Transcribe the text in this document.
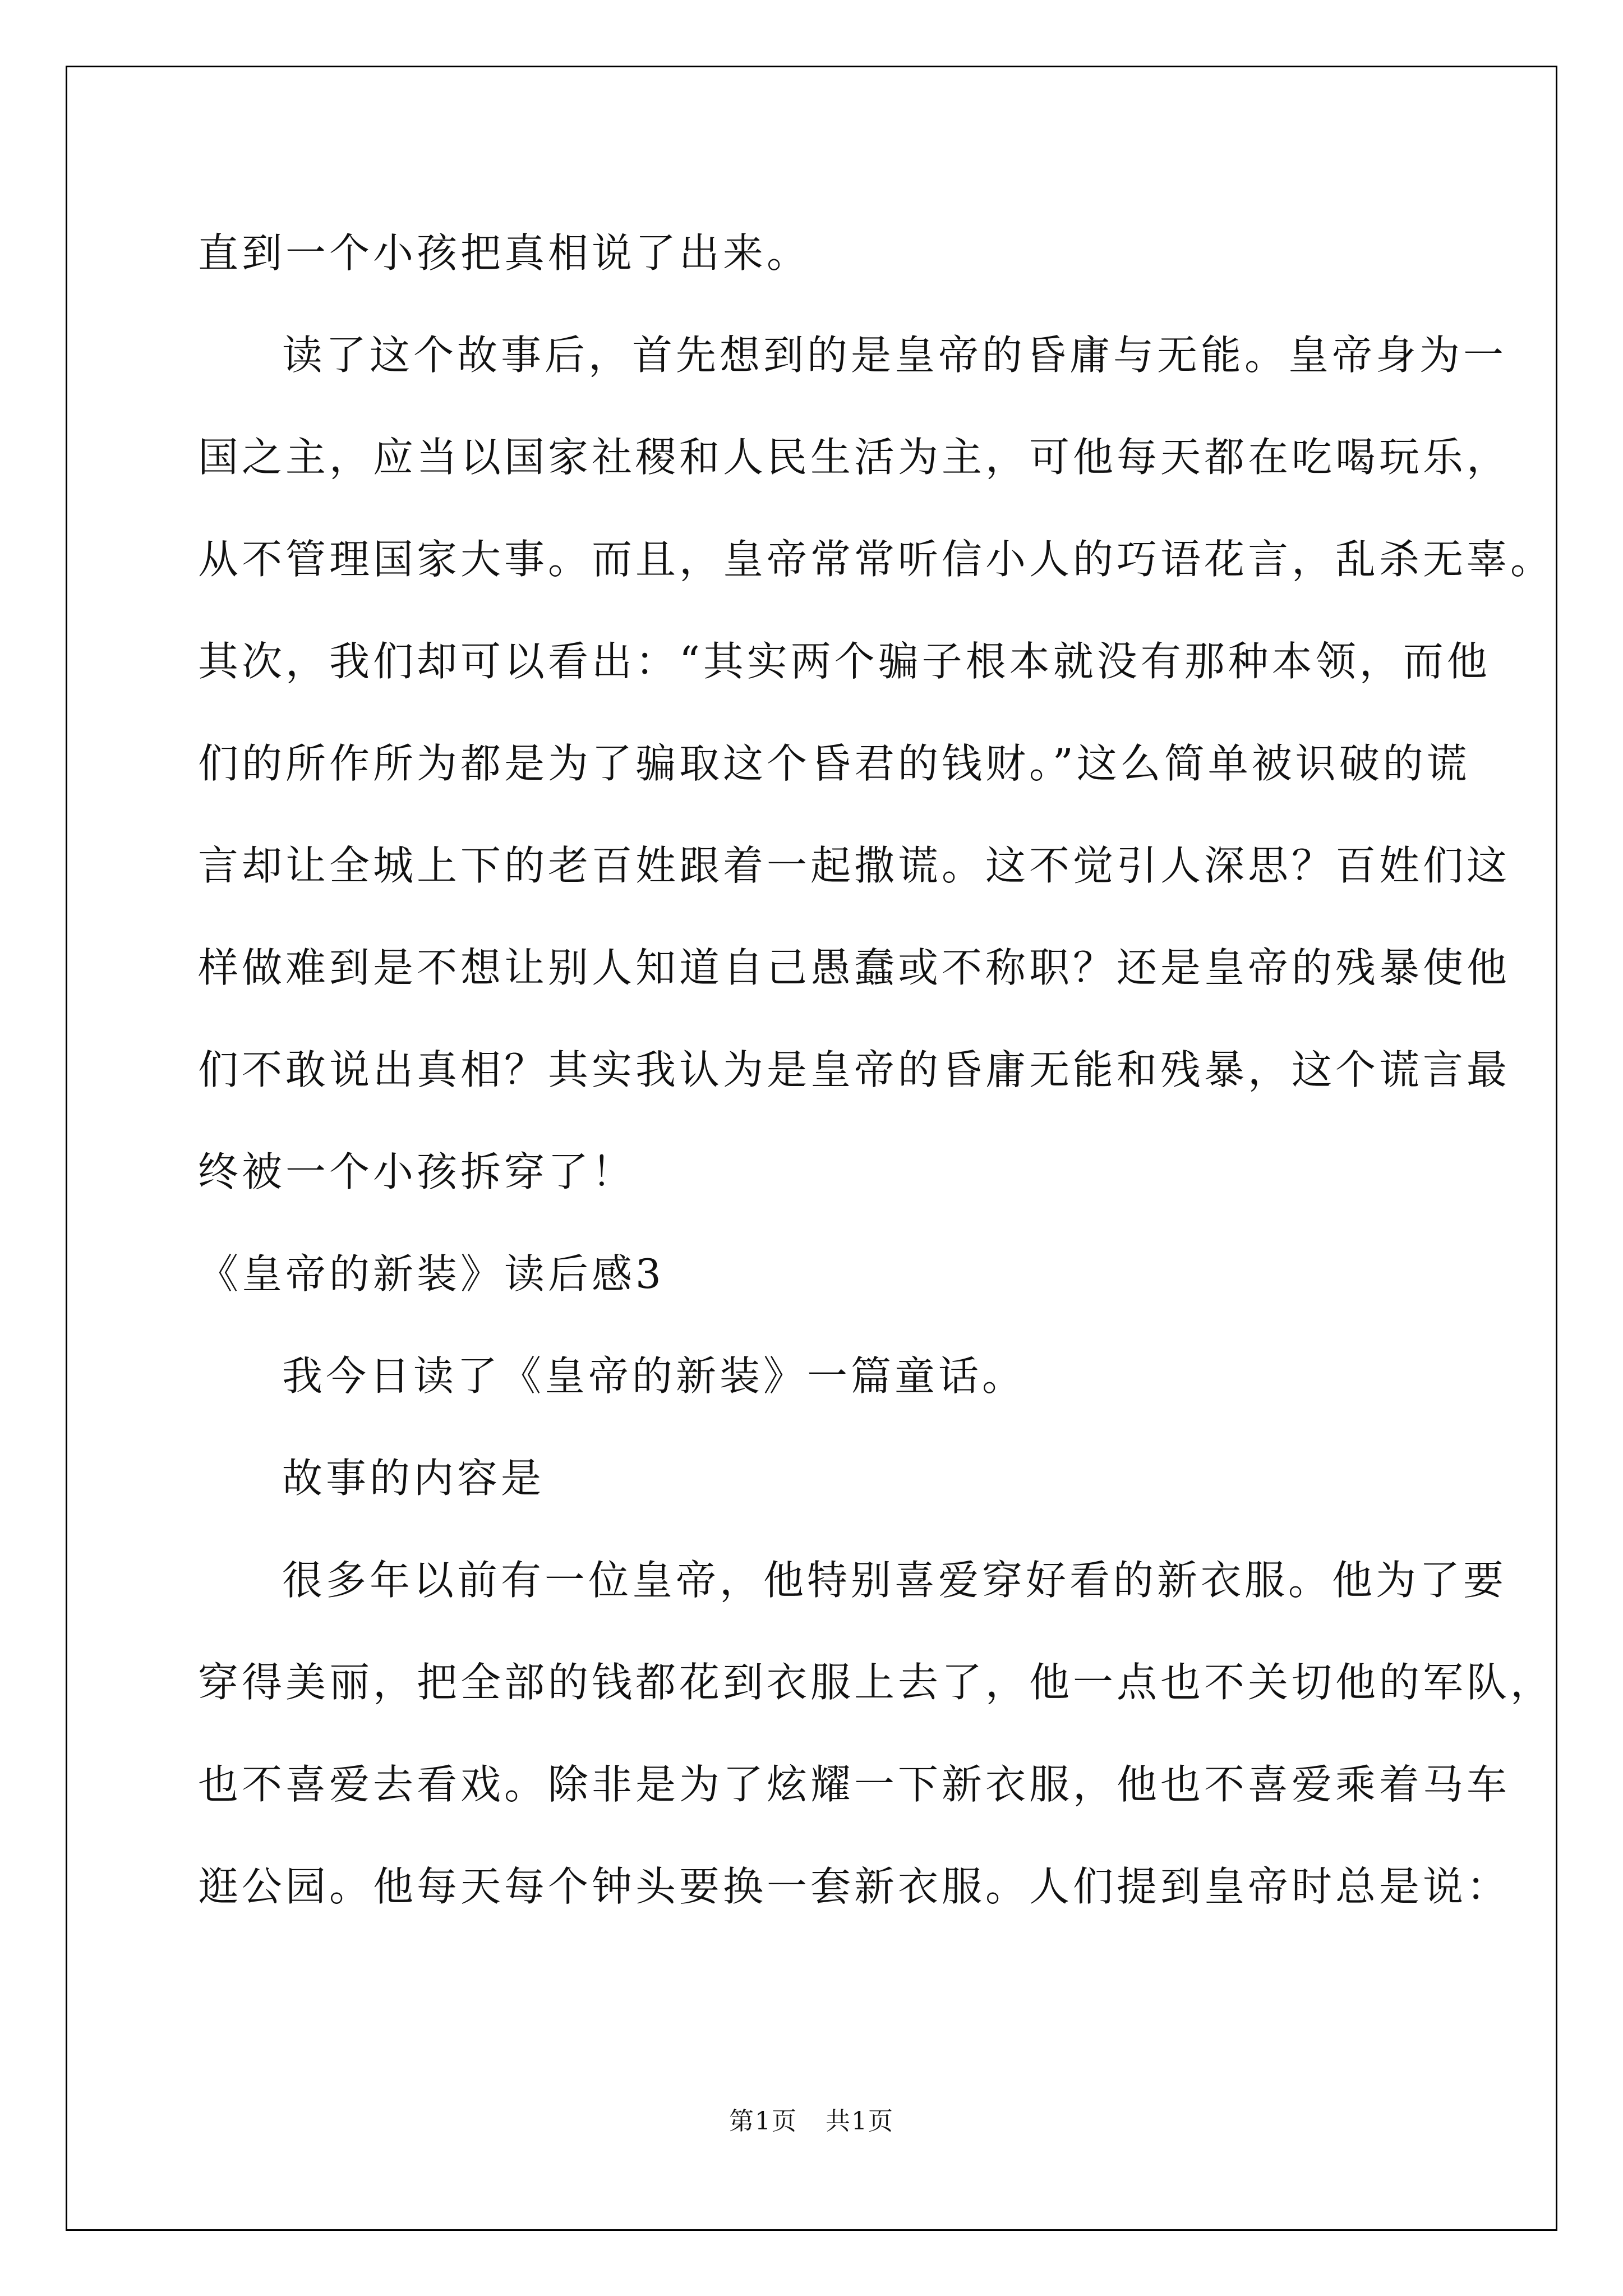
直到一个小孩把真相说了出来。
读了这个故事后，首先想到的是皇帝的昏庸与无能。皇帝身为一
国之主，应当以国家社稷和人民生活为主，可他每天都在吃喝玩乐，
从不管理国家大事。而且，皇帝常常听信小人的巧语花言，乱杀无辜。
其次，我们却可以看出：“其实两个骗子根本就没有那种本领，而他
们的所作所为都是为了骗取这个昏君的钱财。”这么简单被识破的谎
言却让全城上下的老百姓跟着一起撒谎。这不觉引人深思？百姓们这
样做难到是不想让别人知道自己愚蠢或不称职？还是皇帝的残暴使他
们不敢说出真相？其实我认为是皇帝的昏庸无能和残暴，这个谎言最
终被一个小孩拆穿了！
《皇帝的新装》读后感3
我今日读了《皇帝的新装》一篇童话。
故事的内容是
很多年以前有一位皇帝，他特别喜爱穿好看的新衣服。他为了要
穿得美丽，把全部的钱都花到衣服上去了，他一点也不关切他的军队，
也不喜爱去看戏。除非是为了炫耀一下新衣服，他也不喜爱乘着马车
逛公园。他每天每个钟头要换一套新衣服。人们提到皇帝时总是说：
第1页 共1页
